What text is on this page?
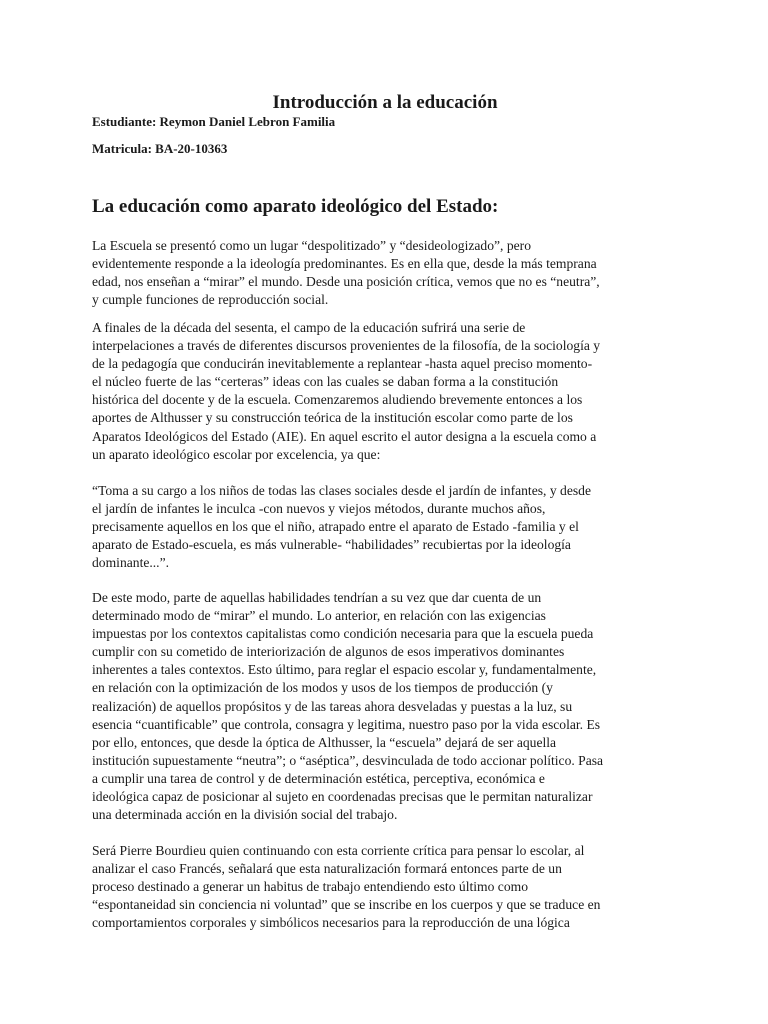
Introducción a la educación

Estudiante: Reymon Daniel Lebron Familia

Matricula: BA-20-10363

La educación como aparato ideológico del Estado:

La Escuela se presentó como un lugar “despolitizado” y “desideologizado”, pero
evidentemente responde a la ideología predominantes. Es en ella que, desde la más temprana
edad, nos enseñan a “mirar” el mundo. Desde una posición crítica, vemos que no es “neutra”,
y cumple funciones de reproducción social.

A finales de la década del sesenta, el campo de la educación sufrirá una serie de
interpelaciones a través de diferentes discursos provenientes de la filosofía, de la sociología y
de la pedagogía que conducirán inevitablemente a replantear -hasta aquel preciso momento-
el núcleo fuerte de las “certeras” ideas con las cuales se daban forma a la constitución
histórica del docente y de la escuela. Comenzaremos aludiendo brevemente entonces a los
aportes de Althusser y su construcción teórica de la institución escolar como parte de los
Aparatos Ideológicos del Estado (AIE). En aquel escrito el autor designa a la escuela como a
un aparato ideológico escolar por excelencia, ya que:

“Toma a su cargo a los niños de todas las clases sociales desde el jardín de infantes, y desde
el jardín de infantes le inculca -con nuevos y viejos métodos, durante muchos años,
precisamente aquellos en los que el niño, atrapado entre el aparato de Estado -familia y el
aparato de Estado-escuela, es más vulnerable- “habilidades” recubiertas por la ideología
dominante...”.

De este modo, parte de aquellas habilidades tendrían a su vez que dar cuenta de un
determinado modo de “mirar” el mundo. Lo anterior, en relación con las exigencias
impuestas por los contextos capitalistas como condición necesaria para que la escuela pueda
cumplir con su cometido de interiorización de algunos de esos imperativos dominantes
inherentes a tales contextos. Esto último, para reglar el espacio escolar y, fundamentalmente,
en relación con la optimización de los modos y usos de los tiempos de producción (y
realización) de aquellos propósitos y de las tareas ahora desveladas y puestas a la luz, su
esencia “cuantificable” que controla, consagra y legitima, nuestro paso por la vida escolar. Es
por ello, entonces, que desde la óptica de Althusser, la “escuela” dejará de ser aquella
institución supuestamente “neutra”; o “aséptica”, desvinculada de todo accionar político. Pasa
a cumplir una tarea de control y de determinación estética, perceptiva, económica e
ideológica capaz de posicionar al sujeto en coordenadas precisas que le permitan naturalizar
una determinada acción en la división social del trabajo.

Será Pierre Bourdieu quien continuando con esta corriente crítica para pensar lo escolar, al
analizar el caso Francés, señalará que esta naturalización formará entonces parte de un
proceso destinado a generar un habitus de trabajo entendiendo esto último como
“espontaneidad sin conciencia ni voluntad” que se inscribe en los cuerpos y que se traduce en
comportamientos corporales y simbólicos necesarios para la reproducción de una lógica
